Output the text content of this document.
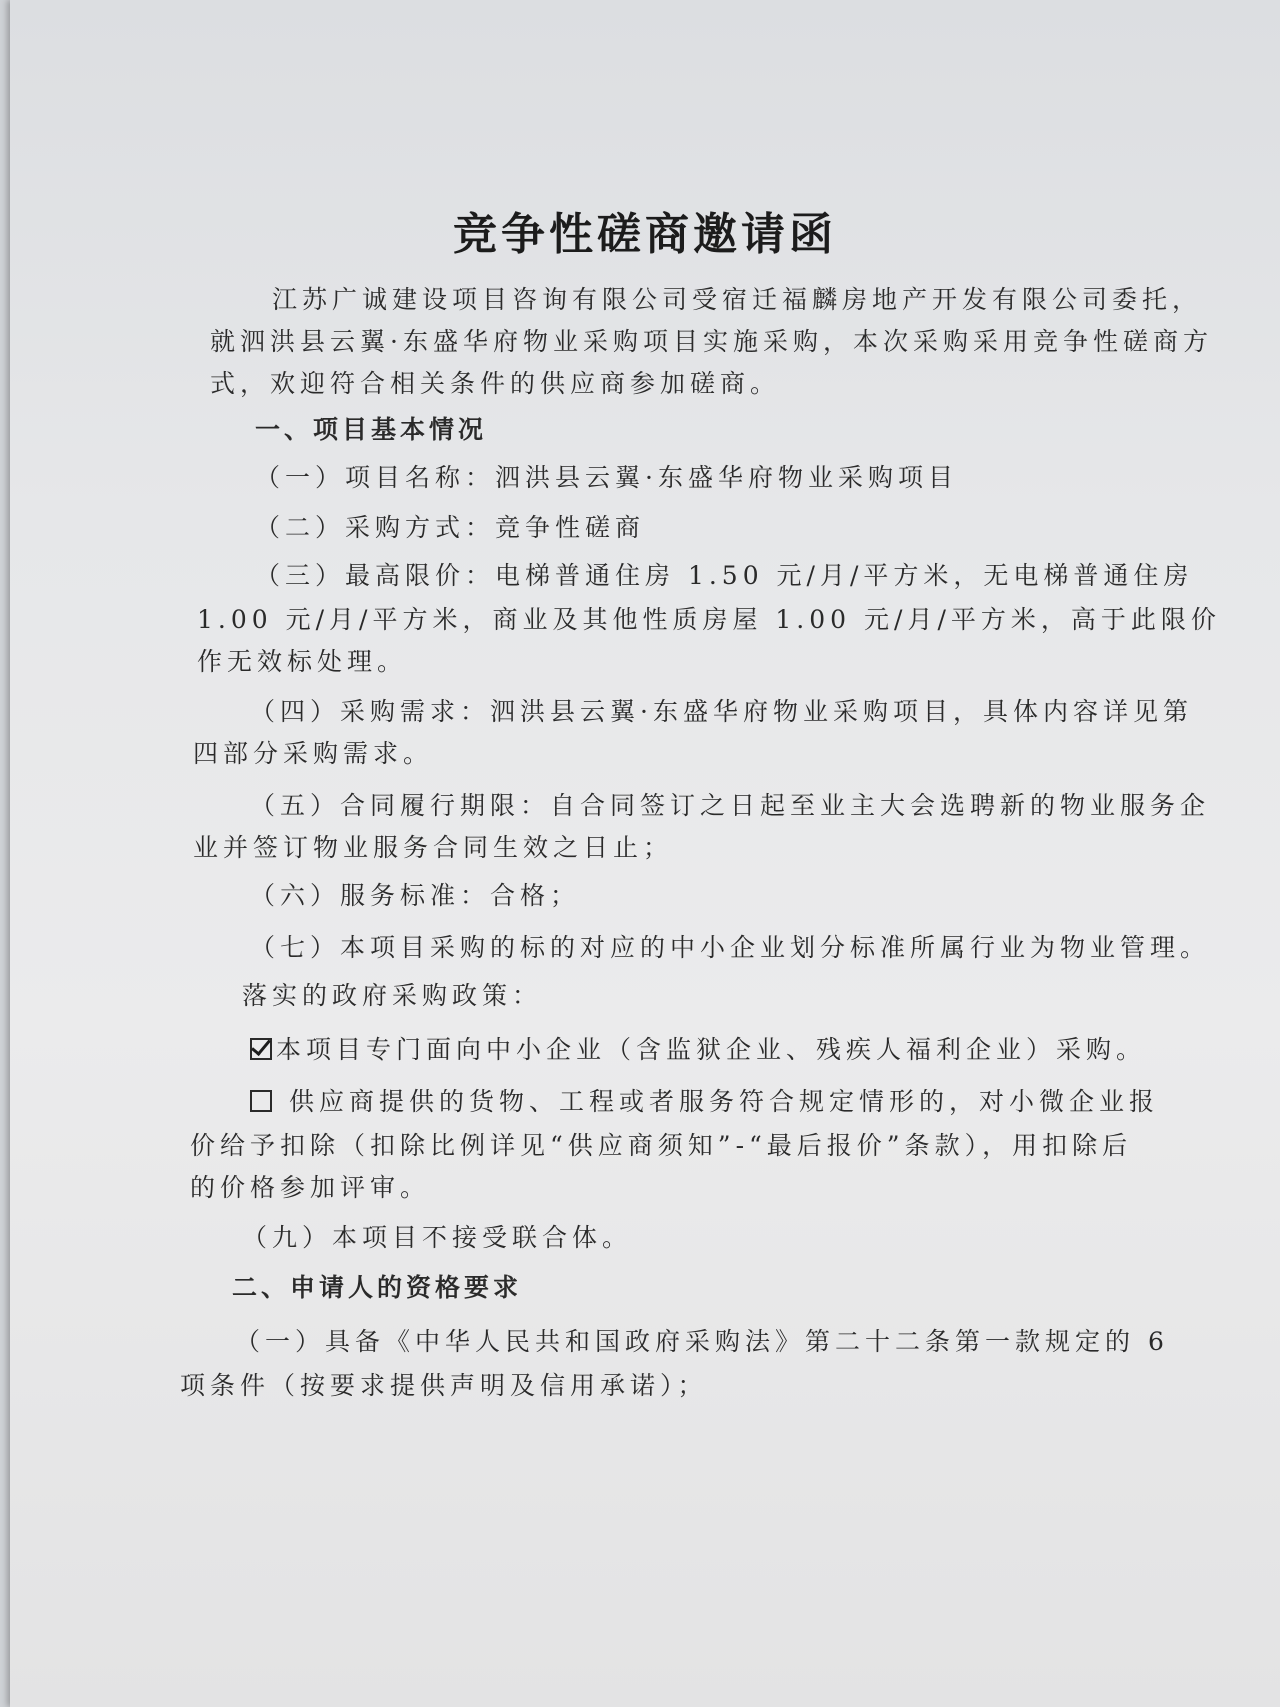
竞争性磋商邀请函
江苏广诚建设项目咨询有限公司受宿迁福麟房地产开发有限公司委托，
就泗洪县云翼·东盛华府物业采购项目实施采购，本次采购采用竞争性磋商方
式，欢迎符合相关条件的供应商参加磋商。
一、项目基本情况
（一）项目名称：泗洪县云翼·东盛华府物业采购项目
（二）采购方式：竞争性磋商
（三）最高限价：电梯普通住房 1.50 元/月/平方米，无电梯普通住房
1.00 元/月/平方米，商业及其他性质房屋 1.00 元/月/平方米，高于此限价
作无效标处理。
（四）采购需求：泗洪县云翼·东盛华府物业采购项目，具体内容详见第
四部分采购需求。
（五）合同履行期限：自合同签订之日起至业主大会选聘新的物业服务企
业并签订物业服务合同生效之日止；
（六）服务标准：合格；
（七）本项目采购的标的对应的中小企业划分标准所属行业为物业管理。
落实的政府采购政策：
本项目专门面向中小企业（含监狱企业、残疾人福利企业）采购。
供应商提供的货物、工程或者服务符合规定情形的，对小微企业报
价给予扣除（扣除比例详见“供应商须知”-“最后报价”条款），用扣除后
的价格参加评审。
（九）本项目不接受联合体。
二、申请人的资格要求
（一）具备《中华人民共和国政府采购法》第二十二条第一款规定的 6
项条件（按要求提供声明及信用承诺）；
